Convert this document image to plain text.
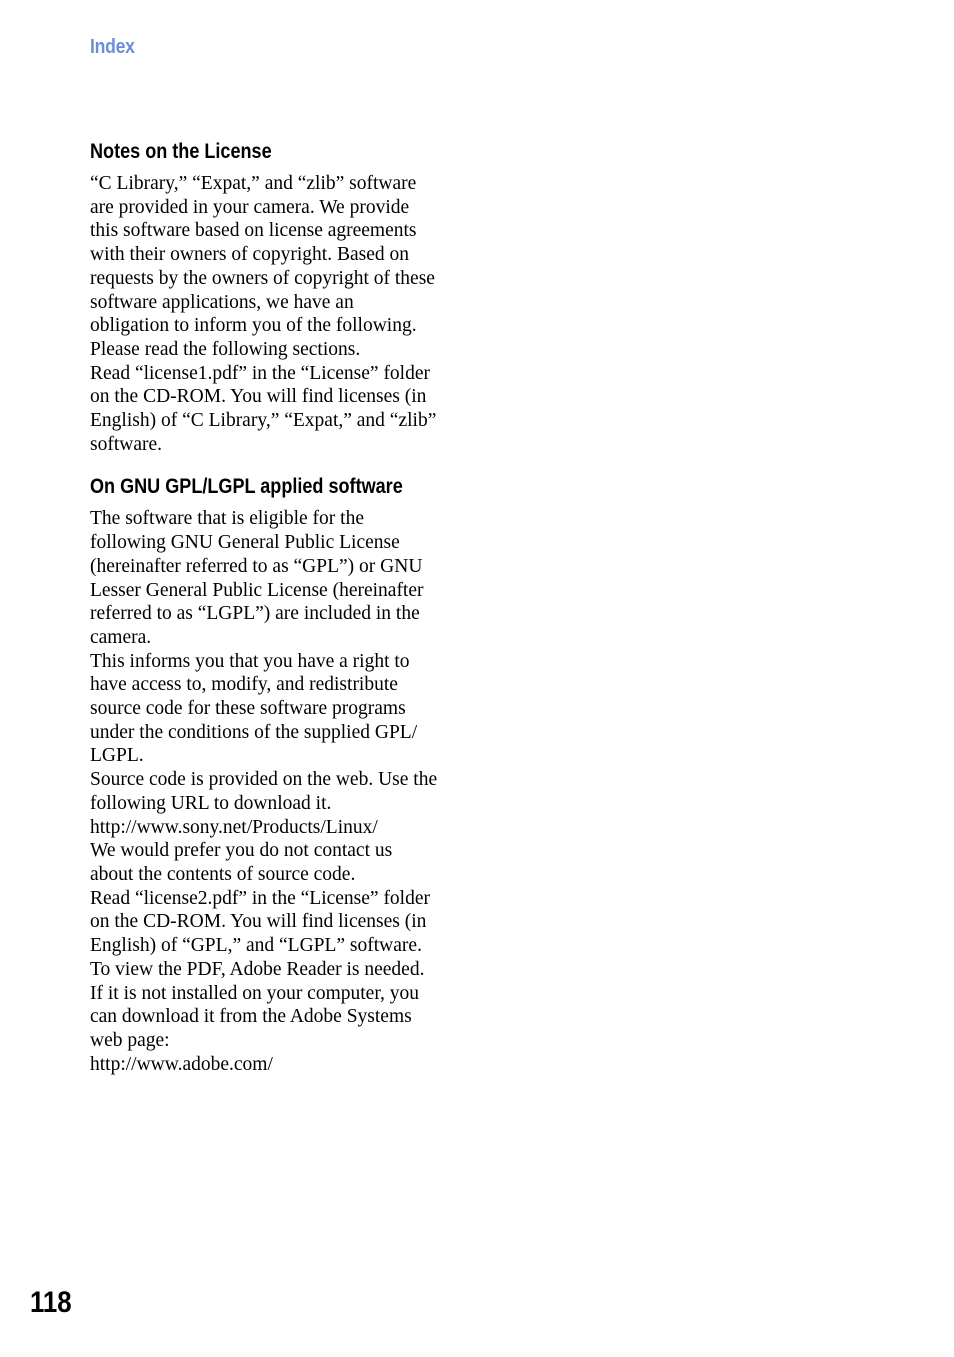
Index
Notes on the License

“C Library,” “Expat,” and “zlib” software

are provided in your camera. We provide

this software based on license agreements

with their owners of copyright. Based on

requests by the owners of copyright of these

software applications, we have an

obligation to inform you of the following.

Please read the following sections.

Read “license1.pdf” in the “License” folder

on the CD-ROM. You will find licenses (in

English) of “C Library,” “Expat,” and “zlib”

software.

On GNU GPL/LGPL applied software

The software that is eligible for the

following GNU General Public License

(hereinafter referred to as “GPL”) or GNU

Lesser General Public License (hereinafter

referred to as “LGPL”) are included in the

camera.

This informs you that you have a right to

have access to, modify, and redistribute

source code for these software programs

under the conditions of the supplied GPL/

LGPL.

Source code is provided on the web. Use the

following URL to download it.

http://www.sony.net/Products/Linux/

We would prefer you do not contact us

about the contents of source code.

Read “license2.pdf” in the “License” folder

on the CD-ROM. You will find licenses (in

English) of “GPL,” and “LGPL” software.

To view the PDF, Adobe Reader is needed.

If it is not installed on your computer, you

can download it from the Adobe Systems

web page:

http://www.adobe.com/

118
